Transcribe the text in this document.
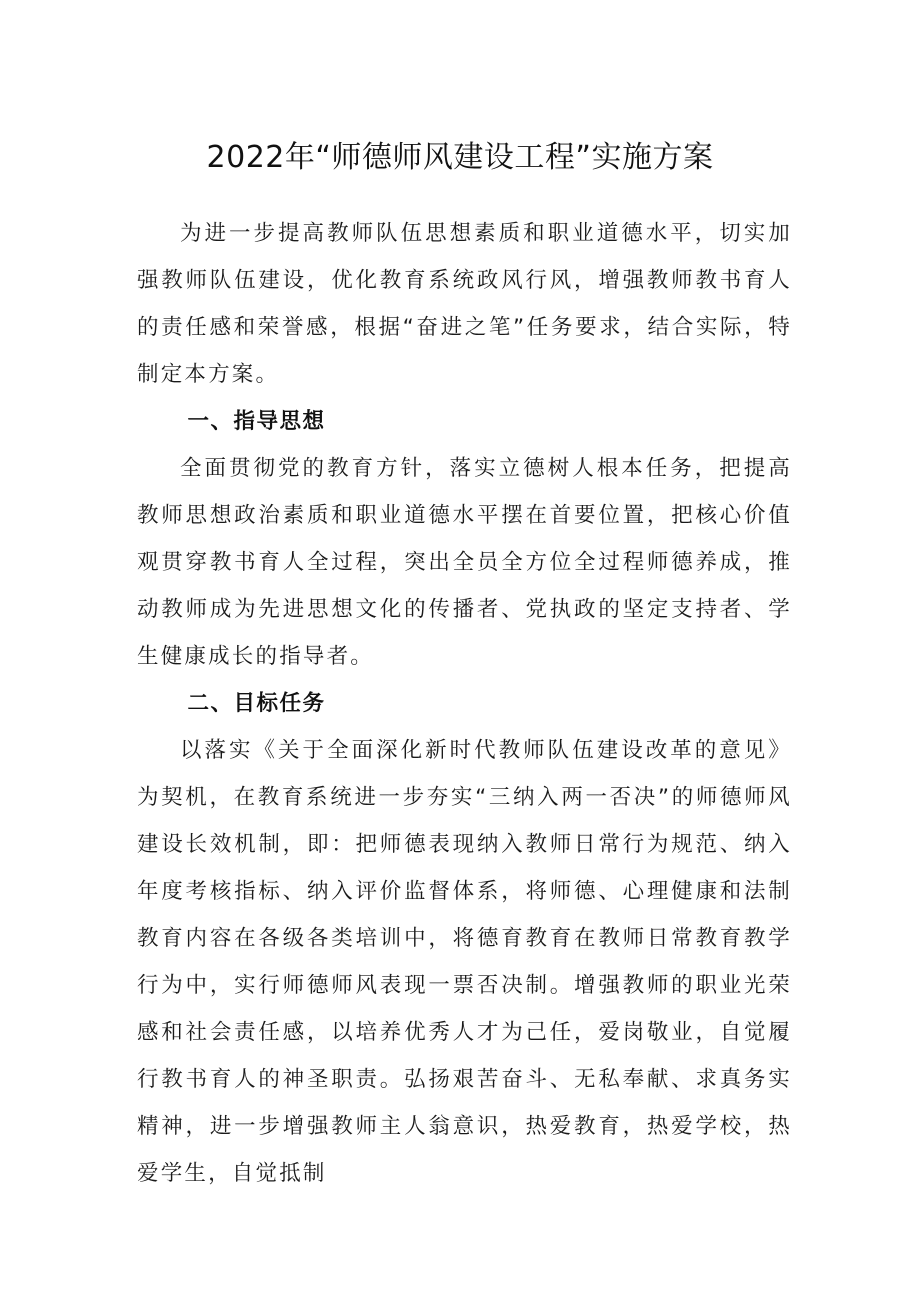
2022年“师德师风建设工程”实施方案

为进一步提高教师队伍思想素质和职业道德水平，切实加强教师队伍建设，优化教育系统政风行风，增强教师教书育人的责任感和荣誉感，根据“奋进之笔”任务要求，结合实际，特制定本方案。

一、指导思想

全面贯彻党的教育方针，落实立德树人根本任务，把提高教师思想政治素质和职业道德水平摆在首要位置，把核心价值观贯穿教书育人全过程，突出全员全方位全过程师德养成，推动教师成为先进思想文化的传播者、党执政的坚定支持者、学生健康成长的指导者。

二、目标任务

以落实《关于全面深化新时代教师队伍建设改革的意见》为契机，在教育系统进一步夯实“三纳入两一否决”的师德师风建设长效机制，即：把师德表现纳入教师日常行为规范、纳入年度考核指标、纳入评价监督体系，将师德、心理健康和法制教育内容在各级各类培训中，将德育教育在教师日常教育教学行为中，实行师德师风表现一票否决制。增强教师的职业光荣感和社会责任感，以培养优秀人才为己任，爱岗敬业，自觉履行教书育人的神圣职责。弘扬艰苦奋斗、无私奉献、求真务实精神，进一步增强教师主人翁意识，热爱教育，热爱学校，热爱学生，自觉抵制
